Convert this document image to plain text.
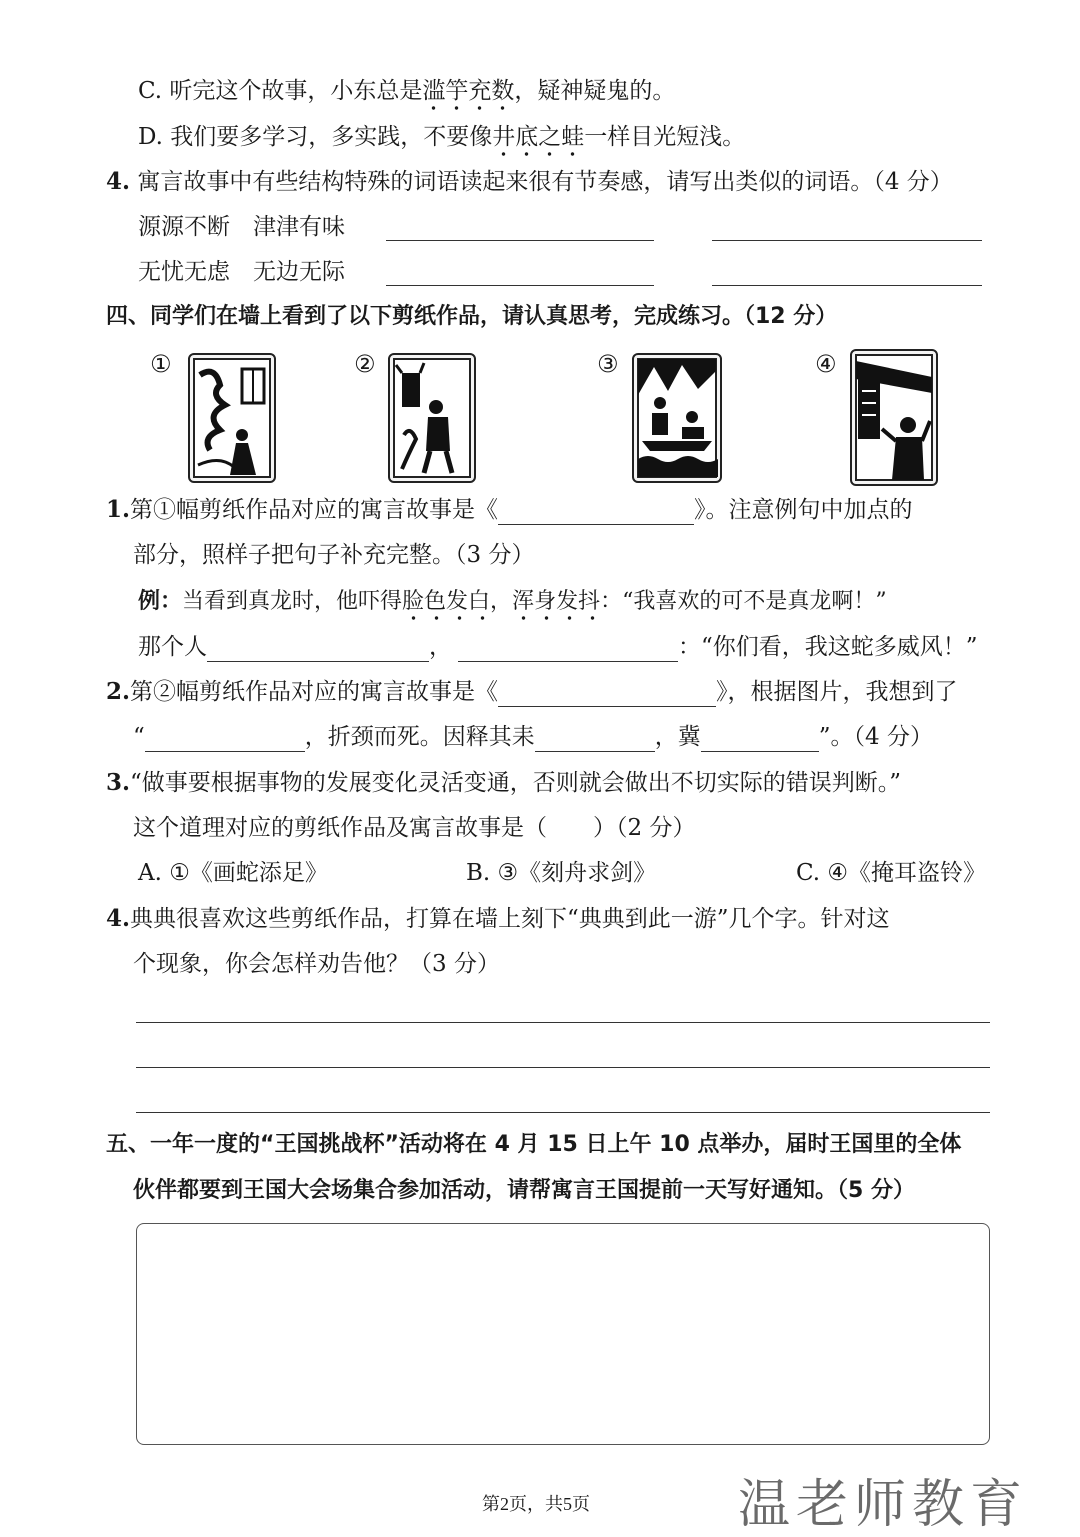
C. 听完这个故事，小东总是滥竽充数，疑神疑鬼的。
D. 我们要多学习，多实践，不要像井底之蛙一样目光短浅。
4. 寓言故事中有些结构特殊的词语读起来很有节奏感，请写出类似的词语。（4 分）
源源不断　津津有味
无忧无虑　无边无际
四、同学们在墙上看到了以下剪纸作品，请认真思考，完成练习。（12 分）
①	②	③	④
1.第①幅剪纸作品对应的寓言故事是《	》。注意例句中加点的
部分，照样子把句子补充完整。（3 分）
例：当看到真龙时，他吓得脸色发白，浑身发抖：“我喜欢的可不是真龙啊！”
那个人	，	：“你们看，我这蛇多威风！”
2.第②幅剪纸作品对应的寓言故事是《	》，根据图片，我想到了
“	，折颈而死。因释其耒	，冀	”。（4 分）
3.“做事要根据事物的发展变化灵活变通，否则就会做出不切实际的错误判断。”
这个道理对应的剪纸作品及寓言故事是（　　）（2 分）
A. ①《画蛇添足》	B. ③《刻舟求剑》	C. ④《掩耳盗铃》
4.典典很喜欢这些剪纸作品，打算在墙上刻下“典典到此一游”几个字。针对这
个现象，你会怎样劝告他？（3 分）
五、一年一度的“王国挑战杯”活动将在 4 月 15 日上午 10 点举办，届时王国里的全体
伙伴都要到王国大会场集合参加活动，请帮寓言王国提前一天写好通知。（5 分）
第2页，共5页	温老师教育
